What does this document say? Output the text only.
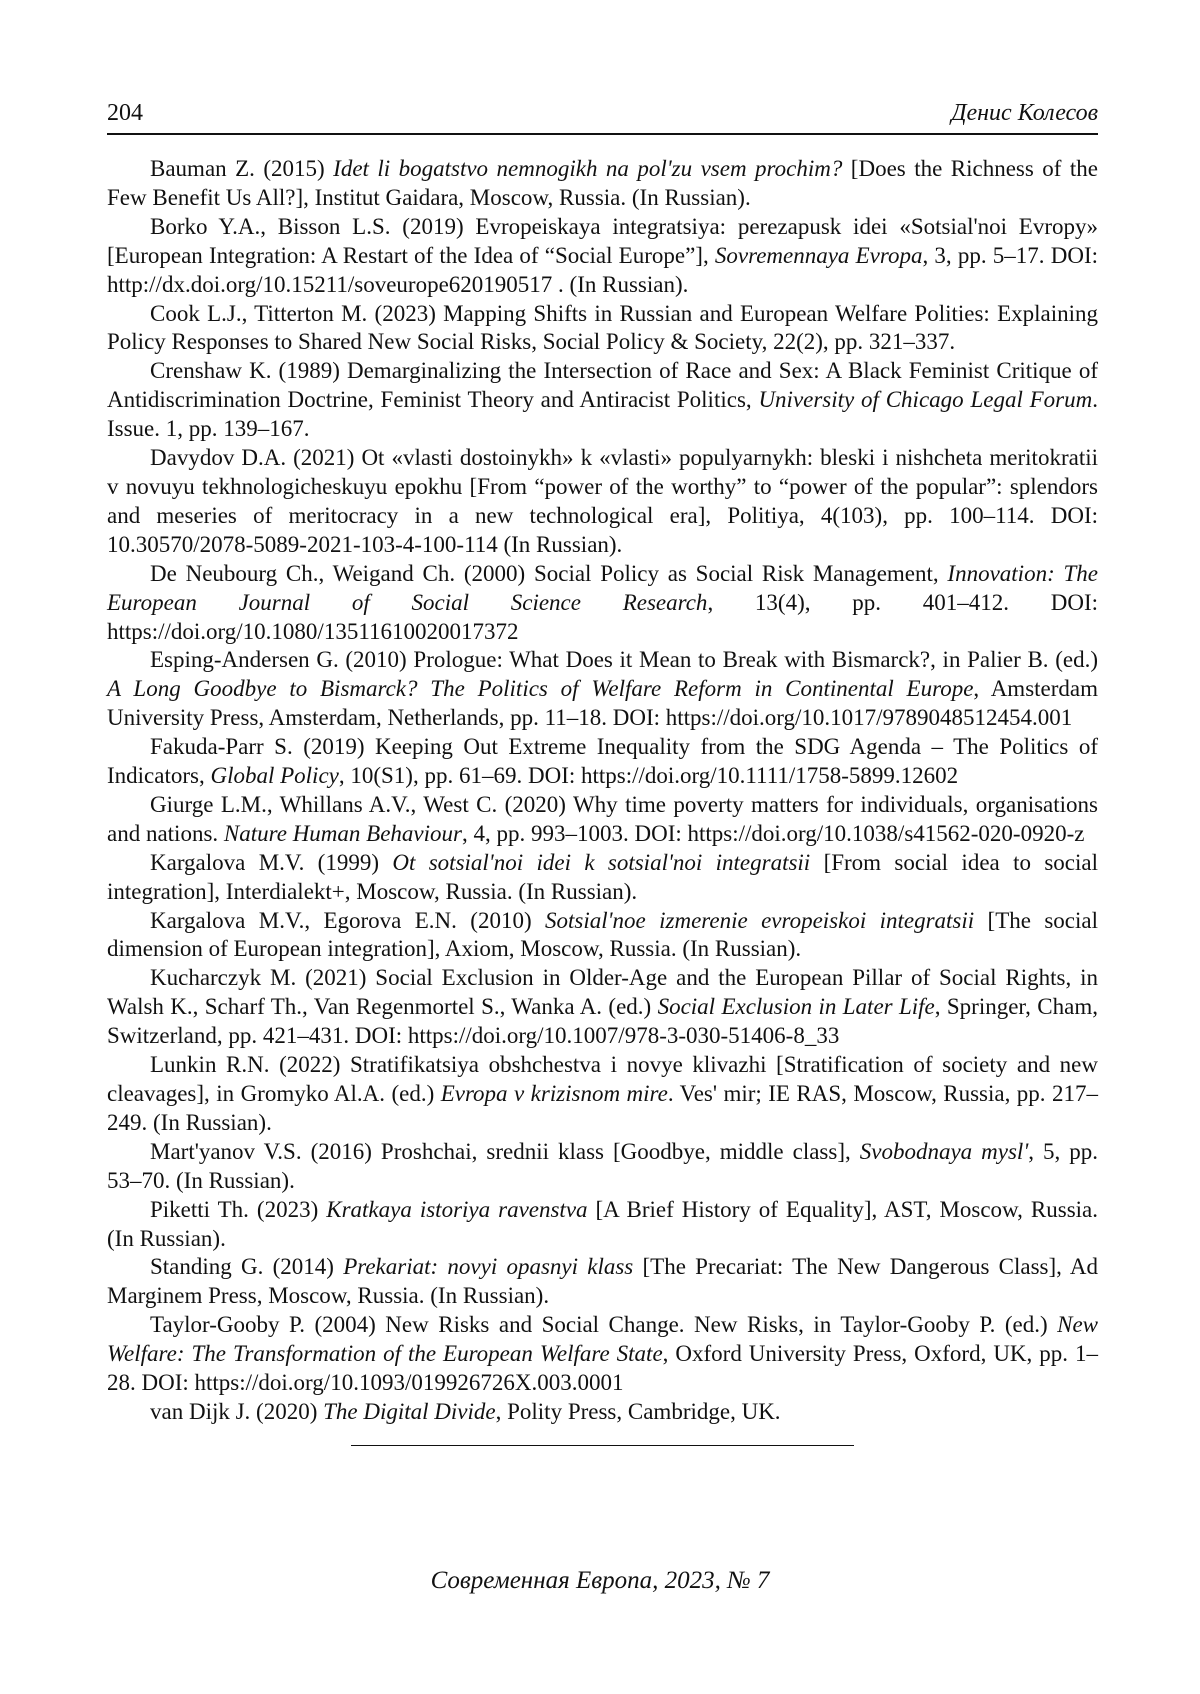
204	Денис Колесов

Bauman Z. (2015) Idet li bogatstvo nemnogikh na pol'zu vsem prochim? [Does the Richness of the Few Benefit Us All?], Institut Gaidara, Moscow, Russia. (In Russian).

Borko Y.A., Bisson L.S. (2019) Evropeiskaya integratsiya: perezapusk idei «Sotsial'noi Evropy» [European Integration: A Restart of the Idea of “Social Europe”], Sovremennaya Evropa, 3, pp. 5–17. DOI: http://dx.doi.org/10.15211/soveurope620190517 . (In Russian).

Cook L.J., Titterton M. (2023) Mapping Shifts in Russian and European Welfare Polities: Explaining Policy Responses to Shared New Social Risks, Social Policy & Society, 22(2), pp. 321–337.

Crenshaw K. (1989) Demarginalizing the Intersection of Race and Sex: A Black Feminist Critique of Antidiscrimination Doctrine, Feminist Theory and Antiracist Politics, University of Chicago Legal Forum. Issue. 1, pp. 139–167.

Davydov D.A. (2021) Ot «vlasti dostoinykh» k «vlasti» populyarnykh: bleski i nishcheta meritokratii v novuyu tekhnologicheskuyu epokhu [From “power of the worthy” to “power of the popular”: splendors and meseries of meritocracy in a new technological era], Politiya, 4(103), pp. 100–114. DOI: 10.30570/2078-5089-2021-103-4-100-114 (In Russian).

De Neubourg Ch., Weigand Ch. (2000) Social Policy as Social Risk Management, Innovation: The European Journal of Social Science Research, 13(4), pp. 401–412. DOI: https://doi.org/10.1080/13511610020017372

Esping-Andersen G. (2010) Prologue: What Does it Mean to Break with Bismarck?, in Palier B. (ed.) A Long Goodbye to Bismarck? The Politics of Welfare Reform in Continental Europe, Amsterdam University Press, Amsterdam, Netherlands, pp. 11–18. DOI: https://doi.org/10.1017/9789048512454.001

Fakuda-Parr S. (2019) Keeping Out Extreme Inequality from the SDG Agenda – The Politics of Indicators, Global Policy, 10(S1), pp. 61–69. DOI: https://doi.org/10.1111/1758-5899.12602

Giurge L.M., Whillans A.V., West C. (2020) Why time poverty matters for individuals, organisations and nations. Nature Human Behaviour, 4, pp. 993–1003. DOI: https://doi.org/10.1038/s41562-020-0920-z

Kargalova M.V. (1999) Ot sotsial'noi idei k sotsial'noi integratsii [From social idea to social integration], Interdialekt+, Moscow, Russia. (In Russian).

Kargalova M.V., Egorova E.N. (2010) Sotsial'noe izmerenie evropeiskoi integratsii [The social dimension of European integration], Axiom, Moscow, Russia. (In Russian).

Kucharczyk M. (2021) Social Exclusion in Older-Age and the European Pillar of Social Rights, in Walsh K., Scharf Th., Van Regenmortel S., Wanka A. (ed.) Social Exclusion in Later Life, Springer, Cham, Switzerland, pp. 421–431. DOI: https://doi.org/10.1007/978-3-030-51406-8_33

Lunkin R.N. (2022) Stratifikatsiya obshchestva i novye klivazhi [Stratification of society and new cleavages], in Gromyko Al.A. (ed.) Evropa v krizisnom mire. Ves' mir; IE RAS, Moscow, Russia, pp. 217–249. (In Russian).

Mart'yanov V.S. (2016) Proshchai, srednii klass [Goodbye, middle class], Svobodnaya mysl', 5, pp. 53–70. (In Russian).

Piketti Th. (2023) Kratkaya istoriya ravenstva [A Brief History of Equality], AST, Moscow, Russia. (In Russian).

Standing G. (2014) Prekariat: novyi opasnyi klass [The Precariat: The New Dangerous Class], Ad Marginem Press, Moscow, Russia. (In Russian).

Taylor-Gooby P. (2004) New Risks and Social Change. New Risks, in Taylor-Gooby P. (ed.) New Welfare: The Transformation of the European Welfare State, Oxford University Press, Oxford, UK, pp. 1–28. DOI: https://doi.org/10.1093/019926726X.003.0001

van Dijk J. (2020) The Digital Divide, Polity Press, Cambridge, UK.

Современная Европа, 2023, № 7
